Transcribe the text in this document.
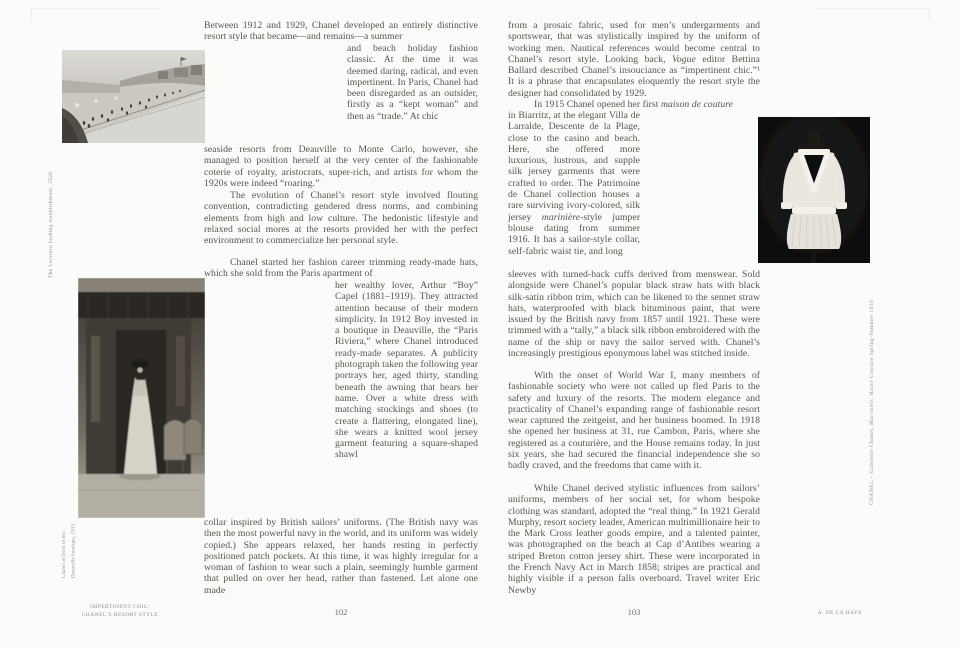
The Larvotto bathing establishment, 1920
Chanel in front of her Deauville boutique, 1913
Between 1912 and 1929, Chanel developed an entirely distinctive resort style that became—and remains—a summer
and beach holiday fashion classic. At the time it was deemed daring, radical, and even impertinent. In Paris, Chanel had been disregarded as an outsider, firstly as a “kept woman” and then as “trade.” At chic
seaside resorts from Deauville to Monte Carlo, however, she managed to position herself at the very center of the fashionable coterie of royalty, aristocrats, super-rich, and artists for whom the 1920s were indeed “roaring.”
The evolution of Chanel’s resort style involved flouting convention, contradicting gendered dress norms, and combining elements from high and low culture. The hedonistic lifestyle and relaxed social mores at the resorts provided her with the perfect environment to commercialize her personal style.
Chanel started her fashion career trimming ready-made hats, which she sold from the Paris apartment of
her wealthy lover, Arthur “Boy” Capel (1881–1919). They attracted attention because of their modern simplicity. In 1912 Boy invested in a boutique in Deauville, the “Paris Riviera,” where Chanel introduced ready-made separates. A publicity photograph taken the following year portrays her, aged thirty, standing beneath the awning that bears her name. Over a white dress with matching stockings and shoes (to create a flattering, elongated line), she wears a knitted wool jersey garment featuring a square-shaped shawl
collar inspired by British sailors’ uniforms. (The British navy was then the most powerful navy in the world, and its uniform was widely copied.) She appears relaxed, her hands resting in perfectly positioned patch pockets. At this time, it was highly irregular for a woman of fashion to wear such a plain, seemingly humble garment that pulled on over her head, rather than fastened. Let alone one made
IMPERTINENT CHIC:
CHANEL’S RESORT STYLE	102
CHANEL – Gabrielle Chanel, Marinière, Haute Couture Spring-Summer 1916
from a prosaic fabric, used for men’s undergarments and sportswear, that was stylistically inspired by the uniform of working men. Nautical references would become central to Chanel’s resort style. Looking back, Vogue editor Bettina Ballard described Chanel’s insouciance as “impertinent chic.”¹ It is a phrase that encapsulates eloquently the resort style the designer had consolidated by 1929.
In 1915 Chanel opened her first maison de couture
in Biarritz, at the elegant Villa de Larralde, Descente de la Plage, close to the casino and beach. Here, she offered more luxurious, lustrous, and supple silk jersey garments that were crafted to order. The Patrimoine de Chanel collection houses a rare surviving ivory-colored, silk jersey marinière-style jumper blouse dating from summer 1916. It has a sailor-style collar, self-fabric waist tie, and long
sleeves with turned-back cuffs derived from menswear. Sold alongside were Chanel’s popular black straw hats with black silk-satin ribbon trim, which can be likened to the sennet straw hats, waterproofed with black bituminous paint, that were issued by the British navy from 1857 until 1921. These were trimmed with a “tally,” a black silk ribbon embroidered with the name of the ship or navy the sailor served with. Chanel’s increasingly prestigious eponymous label was stitched inside.
With the onset of World War I, many members of fashionable society who were not called up fled Paris to the safety and luxury of the resorts. The modern elegance and practicality of Chanel’s expanding range of fashionable resort wear captured the zeitgeist, and her business boomed. In 1918 she opened her business at 31, rue Cambon, Paris, where she registered as a couturière, and the House remains today. In just six years, she had secured the financial independence she so badly craved, and the freedoms that came with it.
While Chanel derived stylistic influences from sailors’ uniforms, members of her social set, for whom bespoke clothing was standard, adopted the “real thing.” In 1921 Gerald Murphy, resort society leader, American multimillionaire heir to the Mark Cross leather goods empire, and a talented painter, was photographed on the beach at Cap d’Antibes wearing a striped Breton cotton jersey shirt. These were incorporated in the French Navy Act in March 1858; stripes are practical and highly visible if a person falls overboard. Travel writer Eric Newby
103	A. DE LA HAYE
